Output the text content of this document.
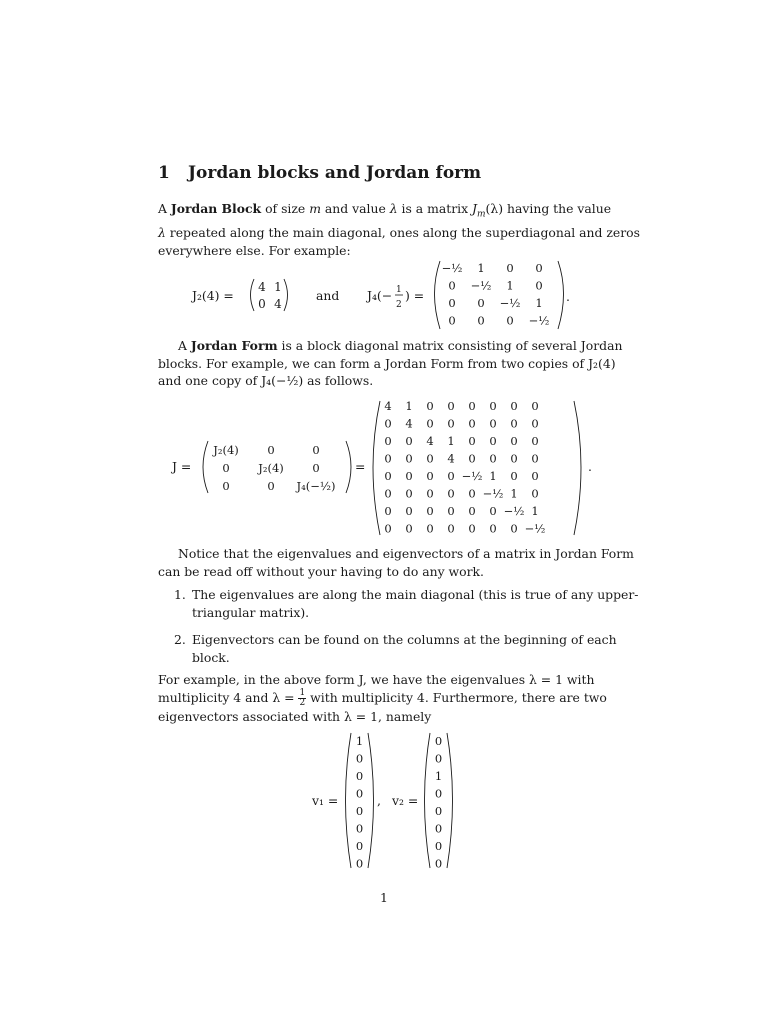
1 Jordan blocks and Jordan form
A Jordan Block of size m and value λ is a matrix $J_m(\lambda)$ having the value
λ repeated along the main diagonal, ones along the superdiagonal and zeros
everywhere else. For example:
J₂(4) =
4 1
0 4
and J₄(− 1
2
) =
−½ 1 0 0
0 −½ 1 0
0 0 −½ 1
0 0 0 −½
.
A Jordan Form is a block diagonal matrix consisting of several Jordan
blocks. For example, we can form a Jordan Form from two copies of J₂(4)
and one copy of J₄(−½) as follows.
J =
J₂(4) 0	0
0 J₂(4) 0
0	0 J₄(−½)
=
4 1 0 0 0 0 0 0
0 4 0 0 0 0 0 0
0 0 4 1 0 0 0 0
0 0 0 4 0 0 0 0
0 0 0 0 −½ 1 0 0
0 0 0 0 0 −½ 1 0
0 0 0 0 0 0 −½ 1
0 0 0 0 0 0 0 −½
.
Notice that the eigenvalues and eigenvectors of a matrix in Jordan Form
can be read off without your having to do any work.
1. The eigenvalues are along the main diagonal (this is true of any upper-
triangular matrix).
2. Eigenvectors can be found on the columns at the beginning of each
block.
For example, in the above form J, we have the eigenvalues λ = 1 with
multiplicity 4 and $\lambda = \frac{1}{2}$ with multiplicity 4. Furthermore, there are two
eigenvectors associated with λ = 1, namely
v₁ =
1
0
0
0
0
0
0
0
, v₂ =
0
0
1
0
0
0
0
0
1
